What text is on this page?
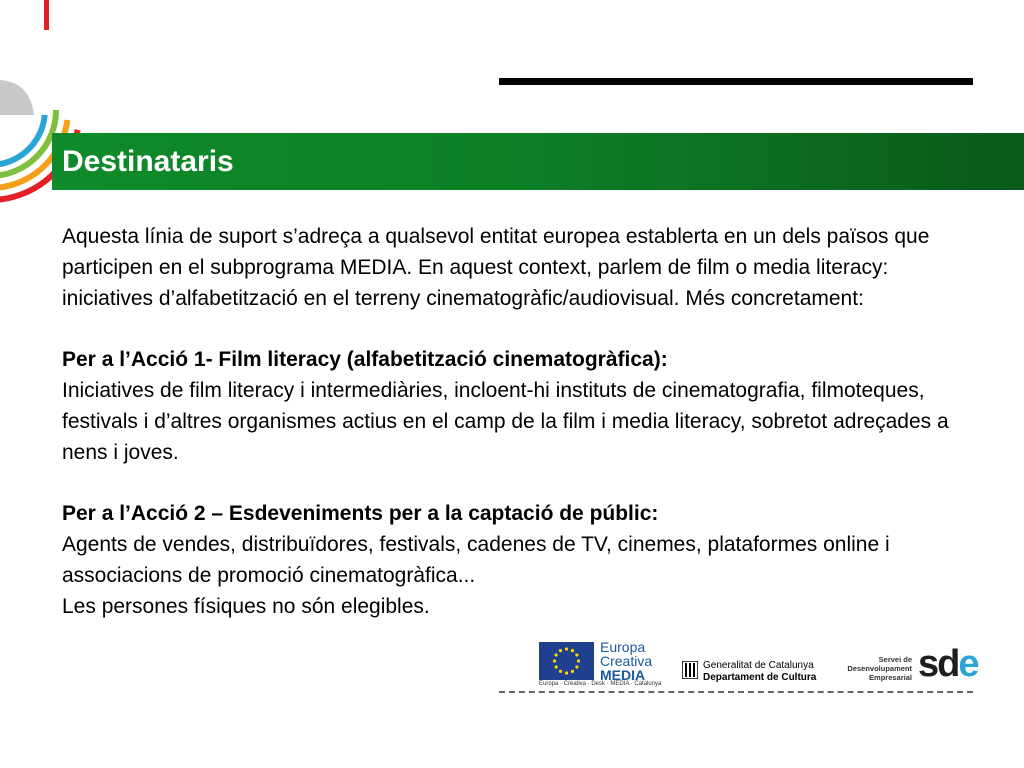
Destinataris

Aquesta línia de suport s’adreça a qualsevol entitat europea establerta en un dels països que participen en el subprograma MEDIA. En aquest context, parlem de film o media literacy: iniciatives d’alfabetització en el terreny cinematogràfic/audiovisual. Més concretament:

Per a l’Acció 1- Film literacy (alfabetització cinematogràfica):

Iniciatives de film literacy i intermediàries, incloent-hi instituts de cinematografia, filmoteques, festivals i d’altres organismes actius en el camp de la film i media literacy, sobretot adreçades a nens i joves.

Per a l’Acció 2 – Esdeveniments per a la captació de públic:

Agents de vendes, distribuïdores, festivals, cadenes de TV, cinemes, plataformes online i associacions de promoció cinematogràfica...

Les persones físiques no són elegibles.

Europa
Creativa
MEDIA
Europa · Creativa · Desk · MEDIA · Catalunya
Generalitat de Catalunya
Departament de Cultura
Servei de
Desenvolupament
Empresarial sde
